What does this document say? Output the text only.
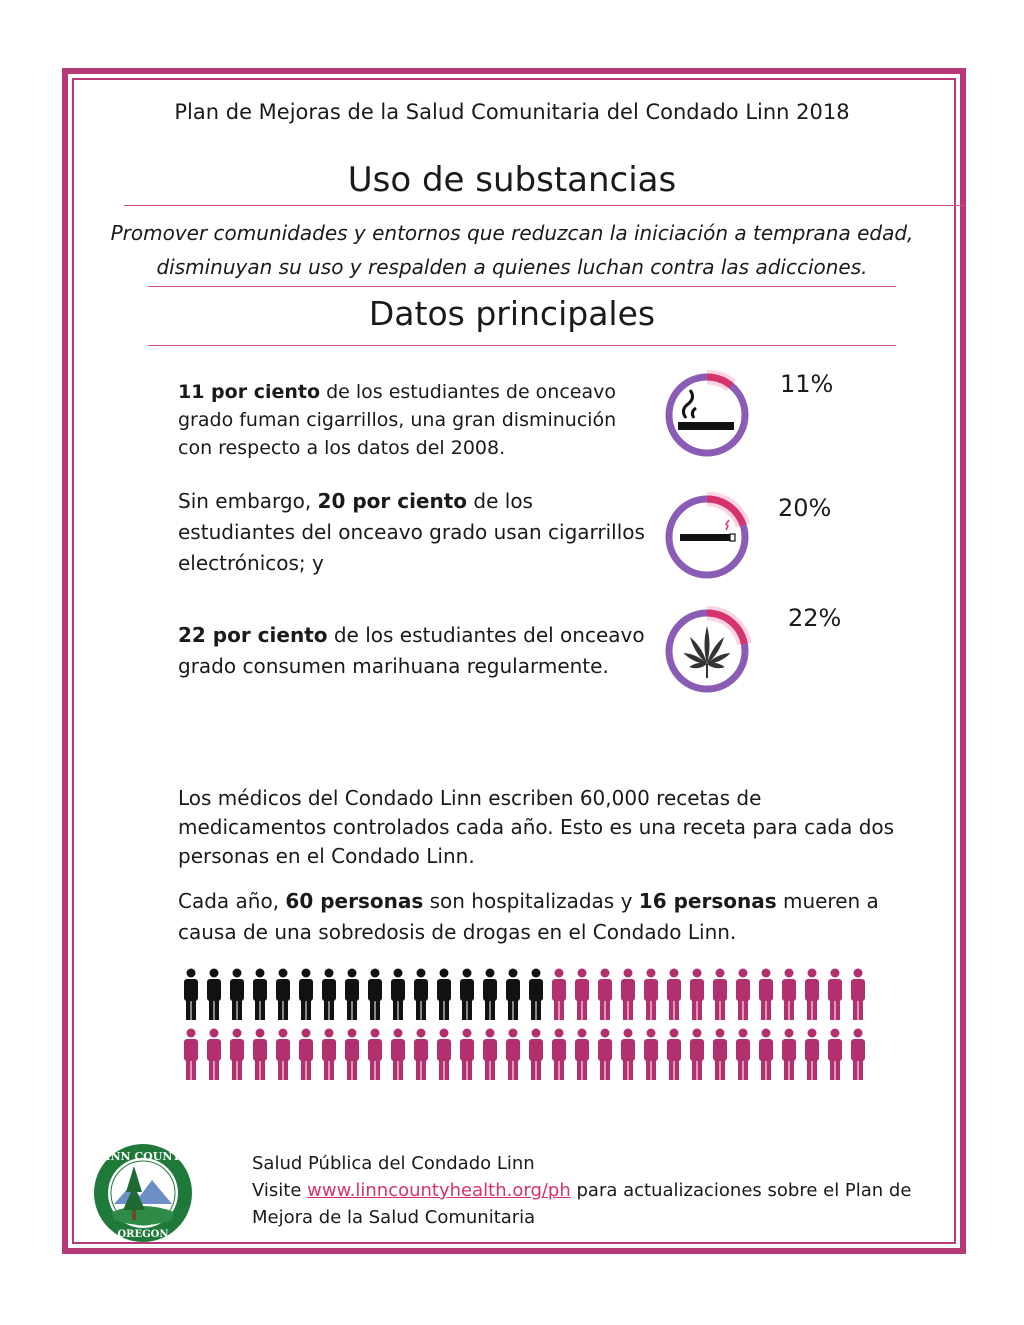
Plan de Mejoras de la Salud Comunitaria del Condado Linn 2018

Uso de substancias

Promover comunidades y entornos que reduzcan la iniciación a temprana edad,
disminuyan su uso y respalden a quienes luchan contra las adicciones.

Datos principales

11 por ciento de los estudiantes de onceavo grado fuman cigarrillos, una gran disminución con respecto a los datos del 2008.

11%

Sin embargo, 20 por ciento de los estudiantes del onceavo grado usan cigarrillos electrónicos; y

20%

22 por ciento de los estudiantes del onceavo grado consumen marihuana regularmente.

22%

Los médicos del Condado Linn escriben 60,000 recetas de medicamentos controlados cada año. Esto es una receta para cada dos personas en el Condado Linn.

Cada año, 60 personas son hospitalizadas y 16 personas mueren a causa de una sobredosis de drogas en el Condado Linn.

LINN COUNTY
OREGON

Salud Pública del Condado Linn
Visite www.linncountyhealth.org/ph para actualizaciones sobre el Plan de Mejora de la Salud Comunitaria
